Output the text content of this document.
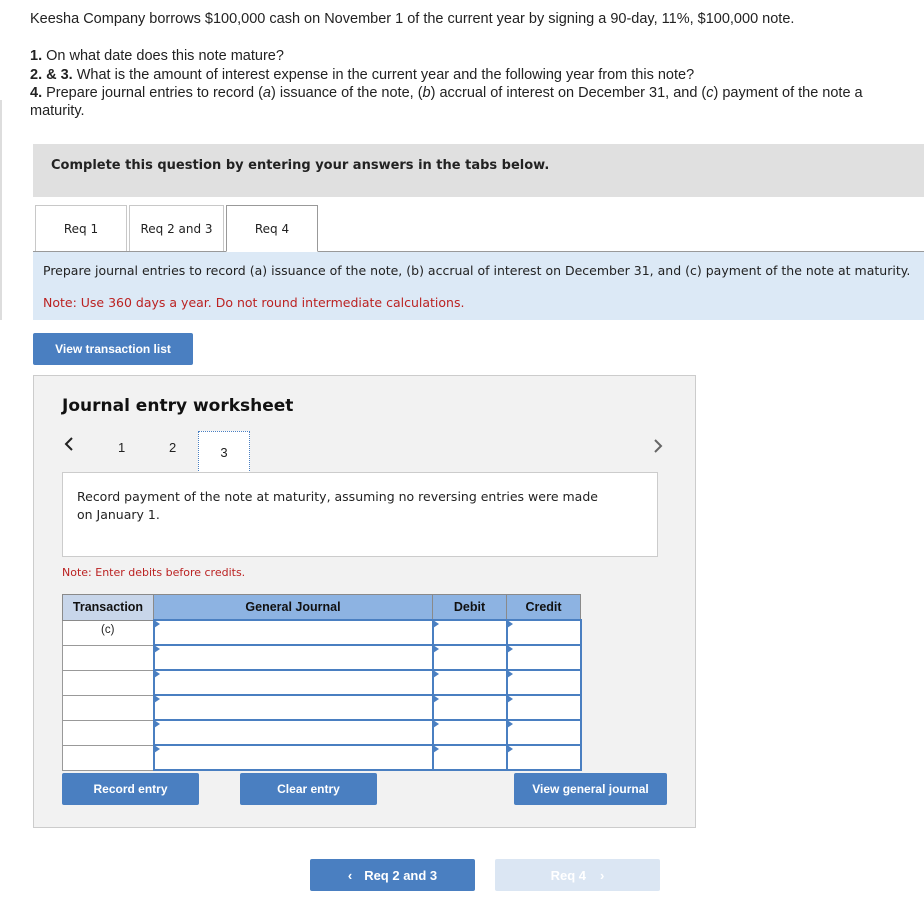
Keesha Company borrows $100,000 cash on November 1 of the current year by signing a 90-day, 11%, $100,000 note.
1. On what date does this note mature?
2. & 3. What is the amount of interest expense in the current year and the following year from this note?
4. Prepare journal entries to record (a) issuance of the note, (b) accrual of interest on December 31, and (c) payment of the note a
maturity.
Complete this question by entering your answers in the tabs below.
Req 1	Req 2 and 3	Req 4
Prepare journal entries to record (a) issuance of the note, (b) accrual of interest on December 31, and (c) payment of the note at maturity.
Note: Use 360 days a year. Do not round intermediate calculations.
View transaction list
Journal entry worksheet
1	2	3
Record payment of the note at maturity, assuming no reversing entries were made on January 1.
Note: Enter debits before credits.
Transaction	General Journal	Debit	Credit
(c)			

Record entry	Clear entry	View general journal
‹ Req 2 and 3	Req 4 ›
